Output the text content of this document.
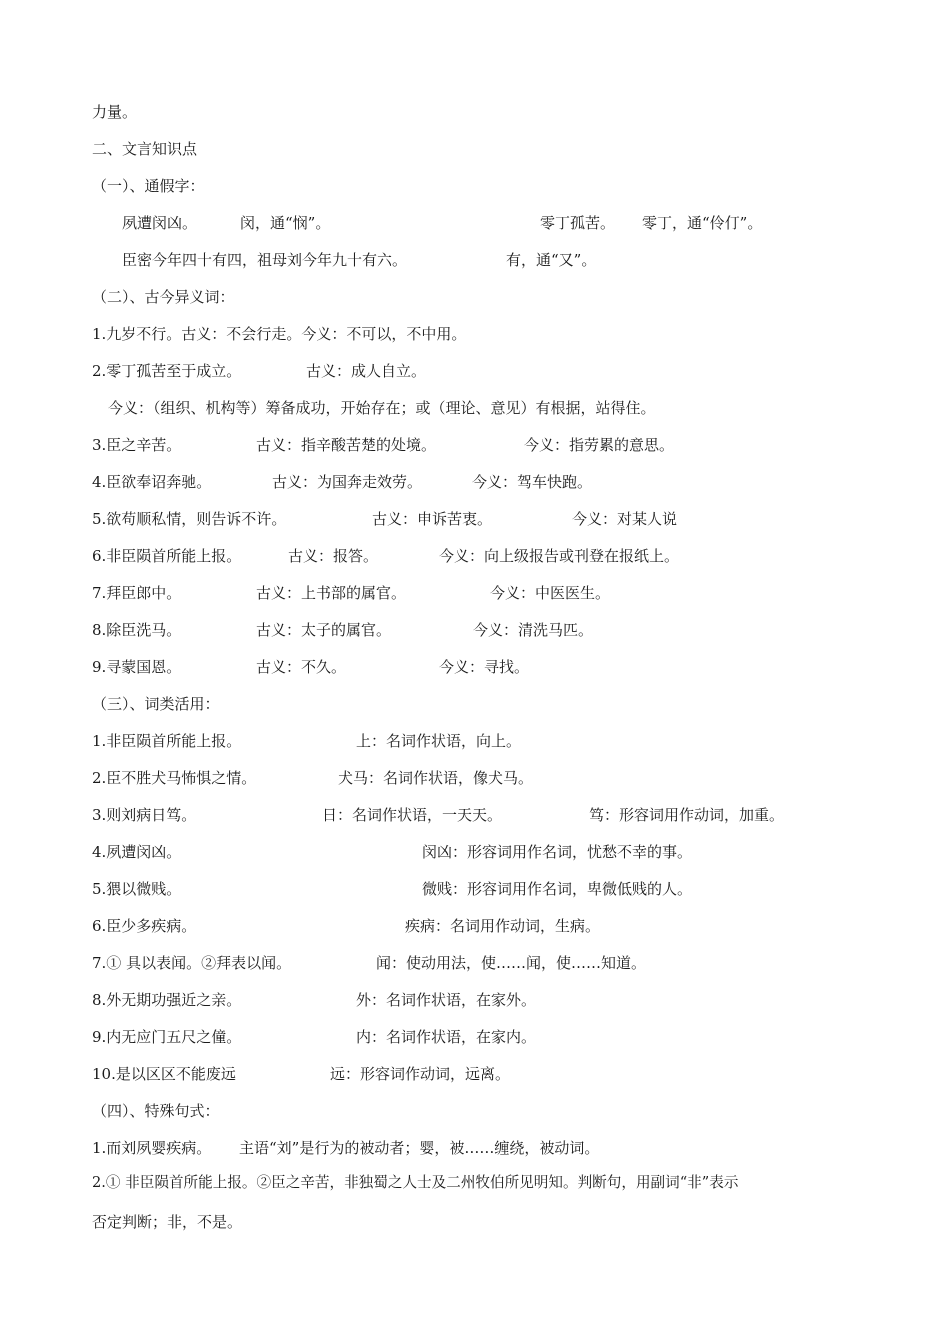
力量。
二、文言知识点
（一）、通假字：
夙遭闵凶。	闵，通“悯”。	零丁孤苦。 零丁，通“伶仃”。
臣密今年四十有四，祖母刘今年九十有六。	有，通“又”。
（二）、古今异义词：
1.九岁不行。古义：不会行走。今义：不可以，不中用。
2.零丁孤苦至于成立。	古义：成人自立。
今义：（组织、机构等）筹备成功，开始存在；或（理论、意见）有根据，站得住。
3.臣之辛苦。	古义：指辛酸苦楚的处境。	今义：指劳累的意思。
4.臣欲奉诏奔驰。	古义：为国奔走效劳。	今义：驾车快跑。
5.欲苟顺私情，则告诉不许。	古义：申诉苦衷。	今义：对某人说
6.非臣陨首所能上报。	古义：报答。	今义：向上级报告或刊登在报纸上。
7.拜臣郎中。	古义：上书部的属官。	今义：中医医生。
8.除臣洗马。	古义：太子的属官。	今义：清洗马匹。
9.寻蒙国恩。	古义：不久。	今义：寻找。
（三）、词类活用：
1.非臣陨首所能上报。	上：名词作状语，向上。
2.臣不胜犬马怖惧之情。	犬马：名词作状语，像犬马。
3.则刘病日笃。	日：名词作状语，一天天。	笃：形容词用作动词，加重。
4.夙遭闵凶。	闵凶：形容词用作名词，忧愁不幸的事。
5.猥以微贱。	微贱：形容词用作名词，卑微低贱的人。
6.臣少多疾病。	疾病：名词用作动词，生病。
7.① 具以表闻。②拜表以闻。	闻：使动用法，使……闻，使……知道。
8.外无期功强近之亲。	外：名词作状语，在家外。
9.内无应门五尺之僮。	内：名词作状语，在家内。
10.是以区区不能废远	远：形容词作动词，远离。
（四）、特殊句式：
1.而刘夙婴疾病。 主语“刘”是行为的被动者；婴，被……缠绕，被动词。
2.① 非臣陨首所能上报。②臣之辛苦，非独蜀之人士及二州牧伯所见明知。判断句，用副词“非”表示
否定判断；非，不是。
